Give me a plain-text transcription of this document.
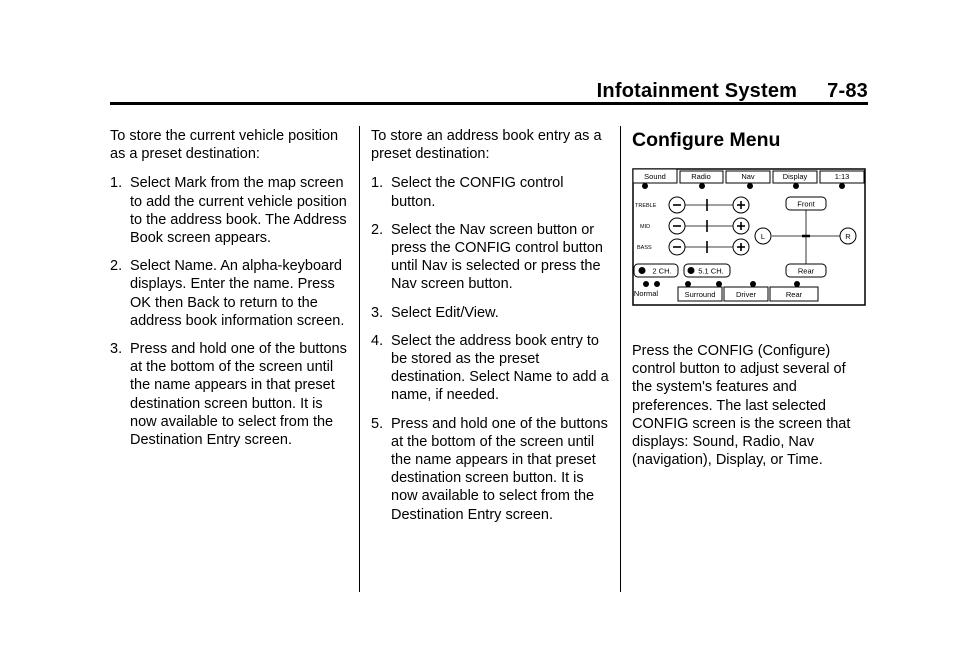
Infotainment System 7-83

To store the current vehicle position as a preset destination:

1. Select Mark from the map screen to add the current vehicle position to the address book. The Address Book screen appears.
2. Select Name. An alpha-keyboard displays. Enter the name. Press OK then Back to return to the address book information screen.
3. Press and hold one of the buttons at the bottom of the screen until the name appears in that preset destination screen button. It is now available to select from the Destination Entry screen.

To store an address book entry as a preset destination:

1. Select the CONFIG control button.
2. Select the Nav screen button or press the CONFIG control button until Nav is selected or press the Nav screen button.
3. Select Edit/View.
4. Select the address book entry to be stored as the preset destination. Select Name to add a name, if needed.
5. Press and hold one of the buttons at the bottom of the screen until the name appears in that preset destination screen button. It is now available to select from the Destination Entry screen.
Configure Menu
Sound	Radio	Nav	Display	1:13
TREBLE
MID
BASS
Front
Rear
L	R
2 CH.	5.1 CH.
Normal	Surround	Driver	Rear

Press the CONFIG (Configure) control button to adjust several of the system's features and preferences. The last selected CONFIG screen is the screen that displays: Sound, Radio, Nav (navigation), Display, or Time.
